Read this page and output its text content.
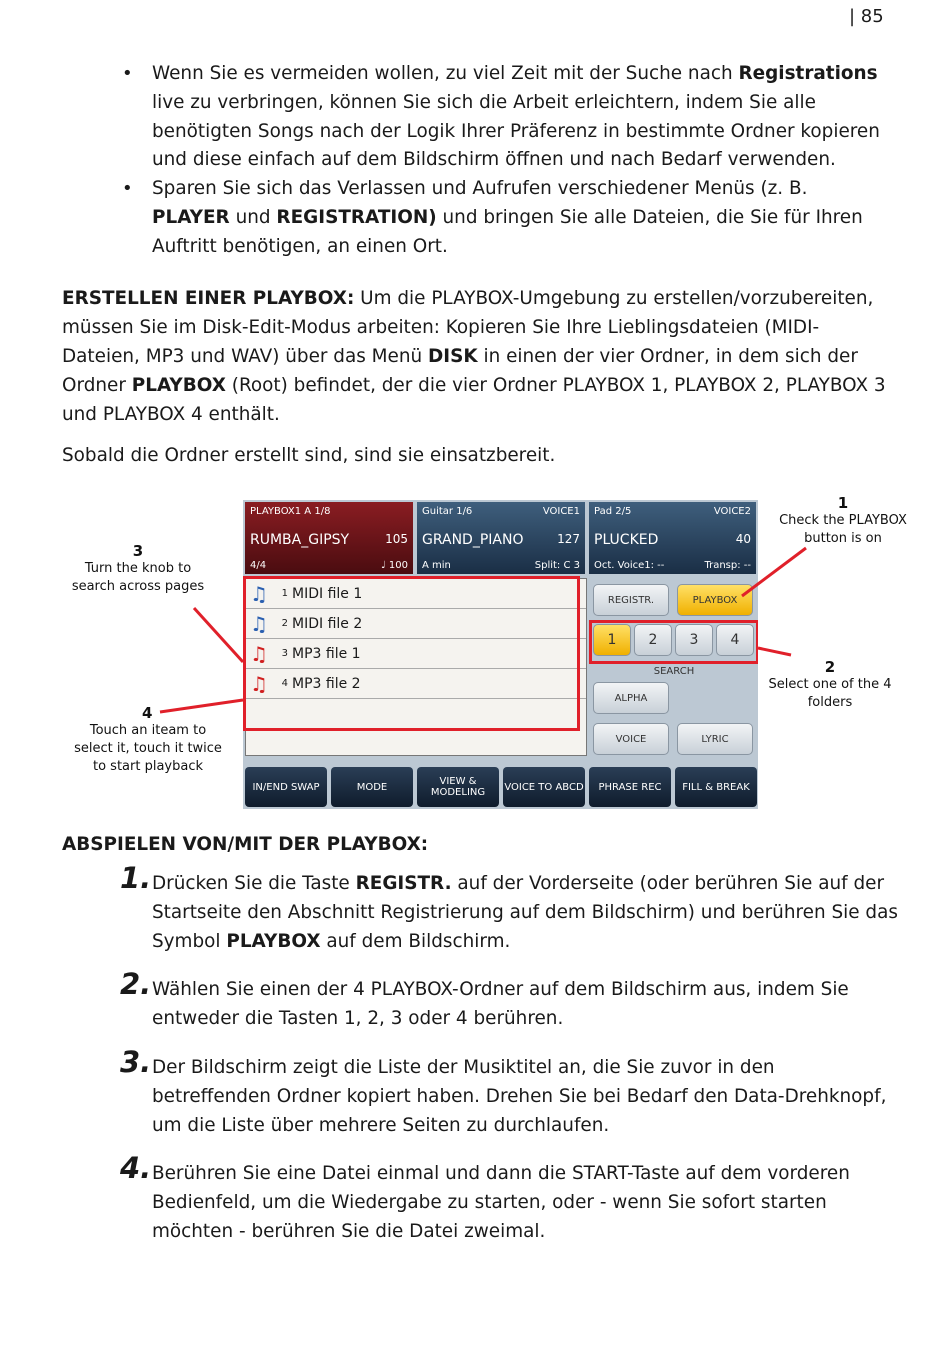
| 85
• Wenn Sie es vermeiden wollen, zu viel Zeit mit der Suche nach Registrations live zu verbringen, können Sie sich die Arbeit erleichtern, indem Sie alle benötigten Songs nach der Logik Ihrer Präferenz in bestimmte Ordner kopieren und diese einfach auf dem Bildschirm öffnen und nach Bedarf verwenden.
• Sparen Sie sich das Verlassen und Aufrufen verschiedener Menüs (z. B. PLAYER und REGISTRATION) und bringen Sie alle Dateien, die Sie für Ihren Auftritt benötigen, an einen Ort.
ERSTELLEN EINER PLAYBOX: Um die PLAYBOX-Umgebung zu erstellen/vorzubereiten, müssen Sie im Disk-Edit-Modus arbeiten: Kopieren Sie Ihre Lieblingsdateien (MIDI-Dateien, MP3 und WAV) über das Menü DISK in einen der vier Ordner, in dem sich der Ordner PLAYBOX (Root) befindet, der die vier Ordner PLAYBOX 1, PLAYBOX 2, PLAYBOX 3 und PLAYBOX 4 enthält.
Sobald die Ordner erstellt sind, sind sie einsatzbereit.
PLAYBOX1 A 1/8
RUMBA_GIPSY	105
4/4	♩ 100
Guitar 1/6	VOICE1
GRAND_PIANO	127
A min	Split: C 3
Pad 2/5	VOICE2
PLUCKED	40
Oct. Voice1: --	Transp: --
♫	1 MIDI file 1
♫	2 MIDI file 2
♫	3 MP3 file 1
♫	4 MP3 file 2
REGISTR.	PLAYBOX
1	2	3	4
SEARCH
ALPHA
VOICE	LYRIC
IN/END SWAP	MODE	VIEW & MODELING	VOICE TO ABCD	PHRASE REC	FILL & BREAK
1
Check the PLAYBOX button is on
2
Select one of the 4 folders
3
Turn the knob to search across pages
4
Touch an iteam to select it, touch it twice to start playback
ABSPIELEN VON/MIT DER PLAYBOX:
1. Drücken Sie die Taste REGISTR. auf der Vorderseite (oder berühren Sie auf der Startseite den Abschnitt Registrierung auf dem Bildschirm) und berühren Sie das Symbol PLAYBOX auf dem Bildschirm.
2. Wählen Sie einen der 4 PLAYBOX-Ordner auf dem Bildschirm aus, indem Sie entweder die Tasten 1, 2, 3 oder 4 berühren.
3. Der Bildschirm zeigt die Liste der Musiktitel an, die Sie zuvor in den betreffenden Ordner kopiert haben. Drehen Sie bei Bedarf den Data-Drehknopf, um die Liste über mehrere Seiten zu durchlaufen.
4. Berühren Sie eine Datei einmal und dann die START-Taste auf dem vorderen Bedienfeld, um die Wiedergabe zu starten, oder - wenn Sie sofort starten möchten - berühren Sie die Datei zweimal.
